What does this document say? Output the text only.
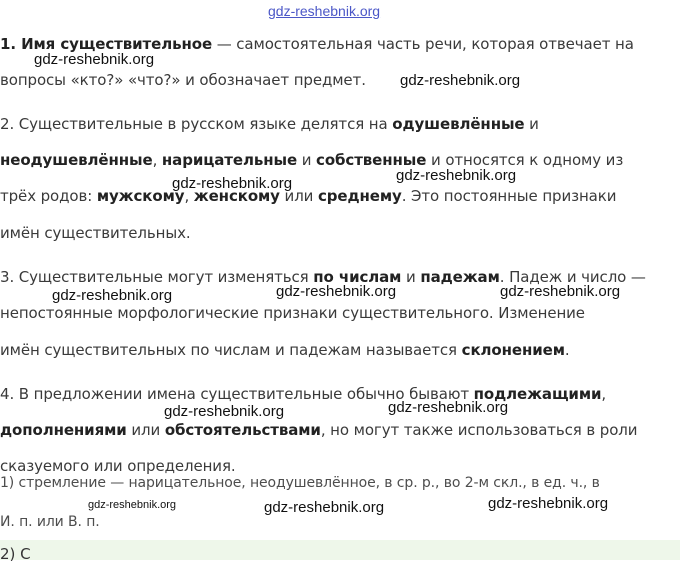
gdz-reshebnik.org
1. Имя существительное — самостоятельная часть речи, которая отвечает на
gdz-reshebnik.org
вопросы «кто?» «что?» и обозначает предмет. gdz-reshebnik.org
2. Существительные в русском языке делятся на одушевлённые и
неодушевлённые, нарицательные и собственные и относятся к одному из
gdz-reshebnik.org	gdz-reshebnik.org
трёх родов: мужскому, женскому или среднему. Это постоянные признаки
имён существительных.
3. Существительные могут изменяться по числам и падежам. Падеж и число —
gdz-reshebnik.org	gdz-reshebnik.org	gdz-reshebnik.org
непостоянные морфологические признаки существительного. Изменение
имён существительных по числам и падежам называется склонением.
4. В предложении имена существительные обычно бывают подлежащими,
gdz-reshebnik.org	gdz-reshebnik.org
дополнениями или обстоятельствами, но могут также использоваться в роли
сказуемого или определения.
1) стремление — нарицательное, неодушевлённое, в ср. р., во 2-м скл., в ед. ч., в
gdz-reshebnik.org	gdz-reshebnik.org	gdz-reshebnik.org
И. п. или В. п.
2) С
